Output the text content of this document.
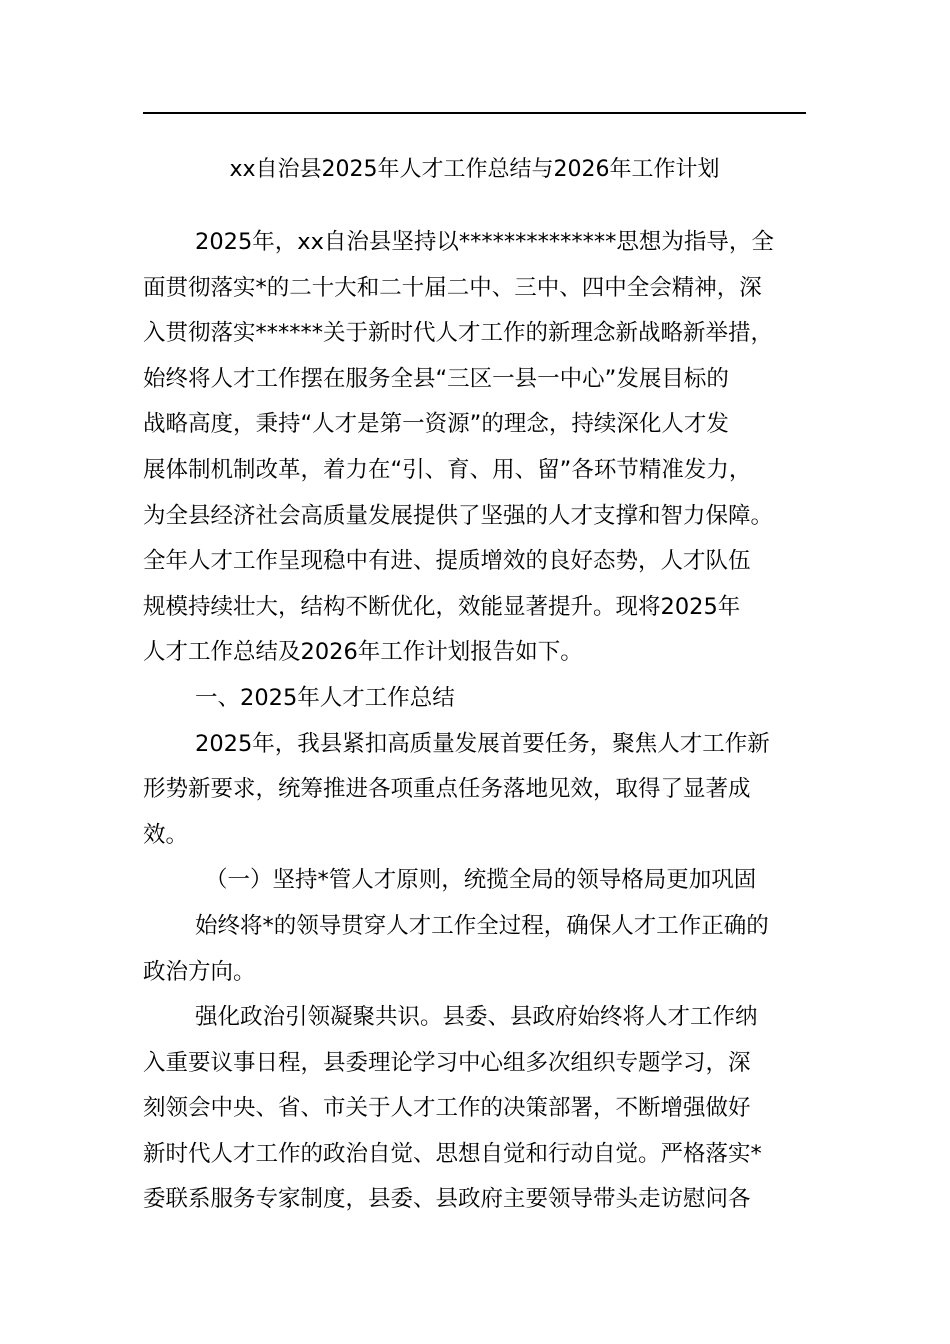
xx自治县2025年人才工作总结与2026年工作计划
2025年，xx自治县坚持以**************思想为指导，全
面贯彻落实*的二十大和二十届二中、三中、四中全会精神，深
入贯彻落实******关于新时代人才工作的新理念新战略新举措，
始终将人才工作摆在服务全县“三区一县一中心”发展目标的
战略高度，秉持“人才是第一资源”的理念，持续深化人才发
展体制机制改革，着力在“引、育、用、留”各环节精准发力，
为全县经济社会高质量发展提供了坚强的人才支撑和智力保障。
全年人才工作呈现稳中有进、提质增效的良好态势，人才队伍
规模持续壮大，结构不断优化，效能显著提升。现将2025年
人才工作总结及2026年工作计划报告如下。
一、2025年人才工作总结
2025年，我县紧扣高质量发展首要任务，聚焦人才工作新
形势新要求，统筹推进各项重点任务落地见效，取得了显著成
效。
（一）坚持*管人才原则，统揽全局的领导格局更加巩固
始终将*的领导贯穿人才工作全过程，确保人才工作正确的
政治方向。
强化政治引领凝聚共识。县委、县政府始终将人才工作纳
入重要议事日程，县委理论学习中心组多次组织专题学习，深
刻领会中央、省、市关于人才工作的决策部署，不断增强做好
新时代人才工作的政治自觉、思想自觉和行动自觉。严格落实*
委联系服务专家制度，县委、县政府主要领导带头走访慰问各
